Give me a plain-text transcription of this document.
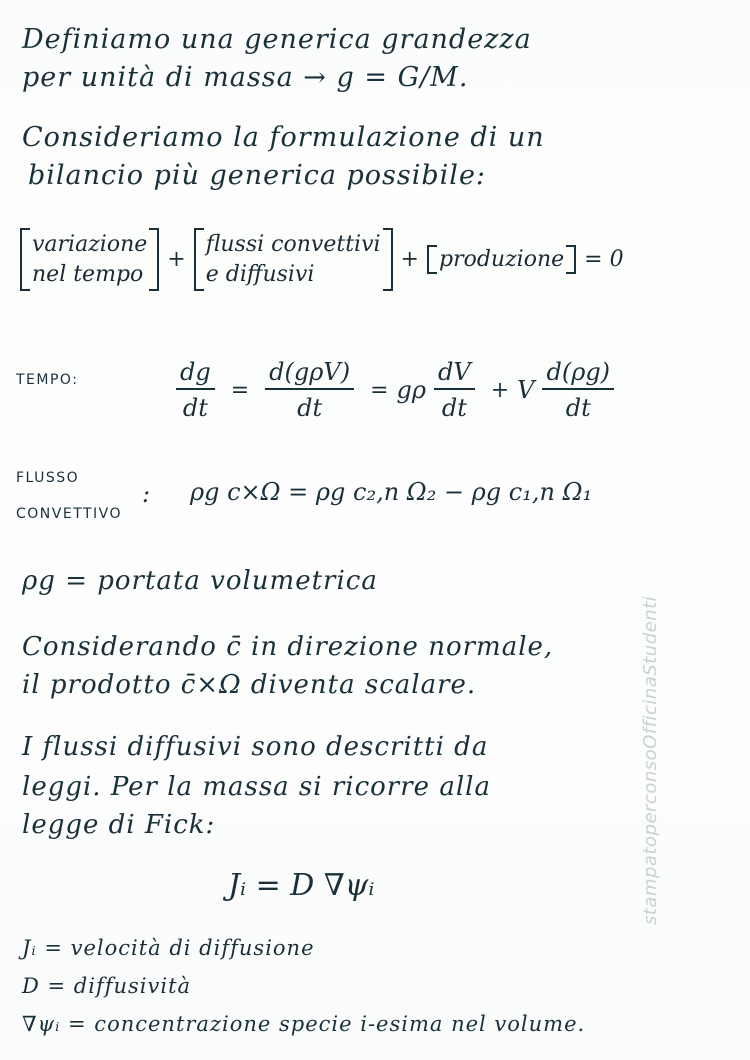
Definiamo una generica grandezza
per unità di massa → g = G/M.
Consideriamo la formulazione di un
bilancio più generica possibile:
variazione
nel tempo
+
flussi convettivi
e diffusivi
+ produzione = 0
TEMPO:	$\frac{dg}{dt} = \frac{\text{d(gρV)}}{dt} = g\rho \frac{dV}{dt} + V \frac{d(\rho g)}{dt}$
FLUSSO
CONVETTIVO
: ρg c×Ω = ρg c₂,n Ω₂ − ρg c₁,n Ω₁
ρg = portata volumetrica
Considerando c̄ in direzione normale,
il prodotto c̄×Ω diventa scalare.
I flussi diffusivi sono descritti da
leggi. Per la massa si ricorre alla
legge di Fick:
Jᵢ = D ∇ψᵢ
Jᵢ = velocità di diffusione
D = diffusività
∇ψᵢ = concentrazione specie i-esima nel volume.
stampatoperconsoOfficinaStudenti
